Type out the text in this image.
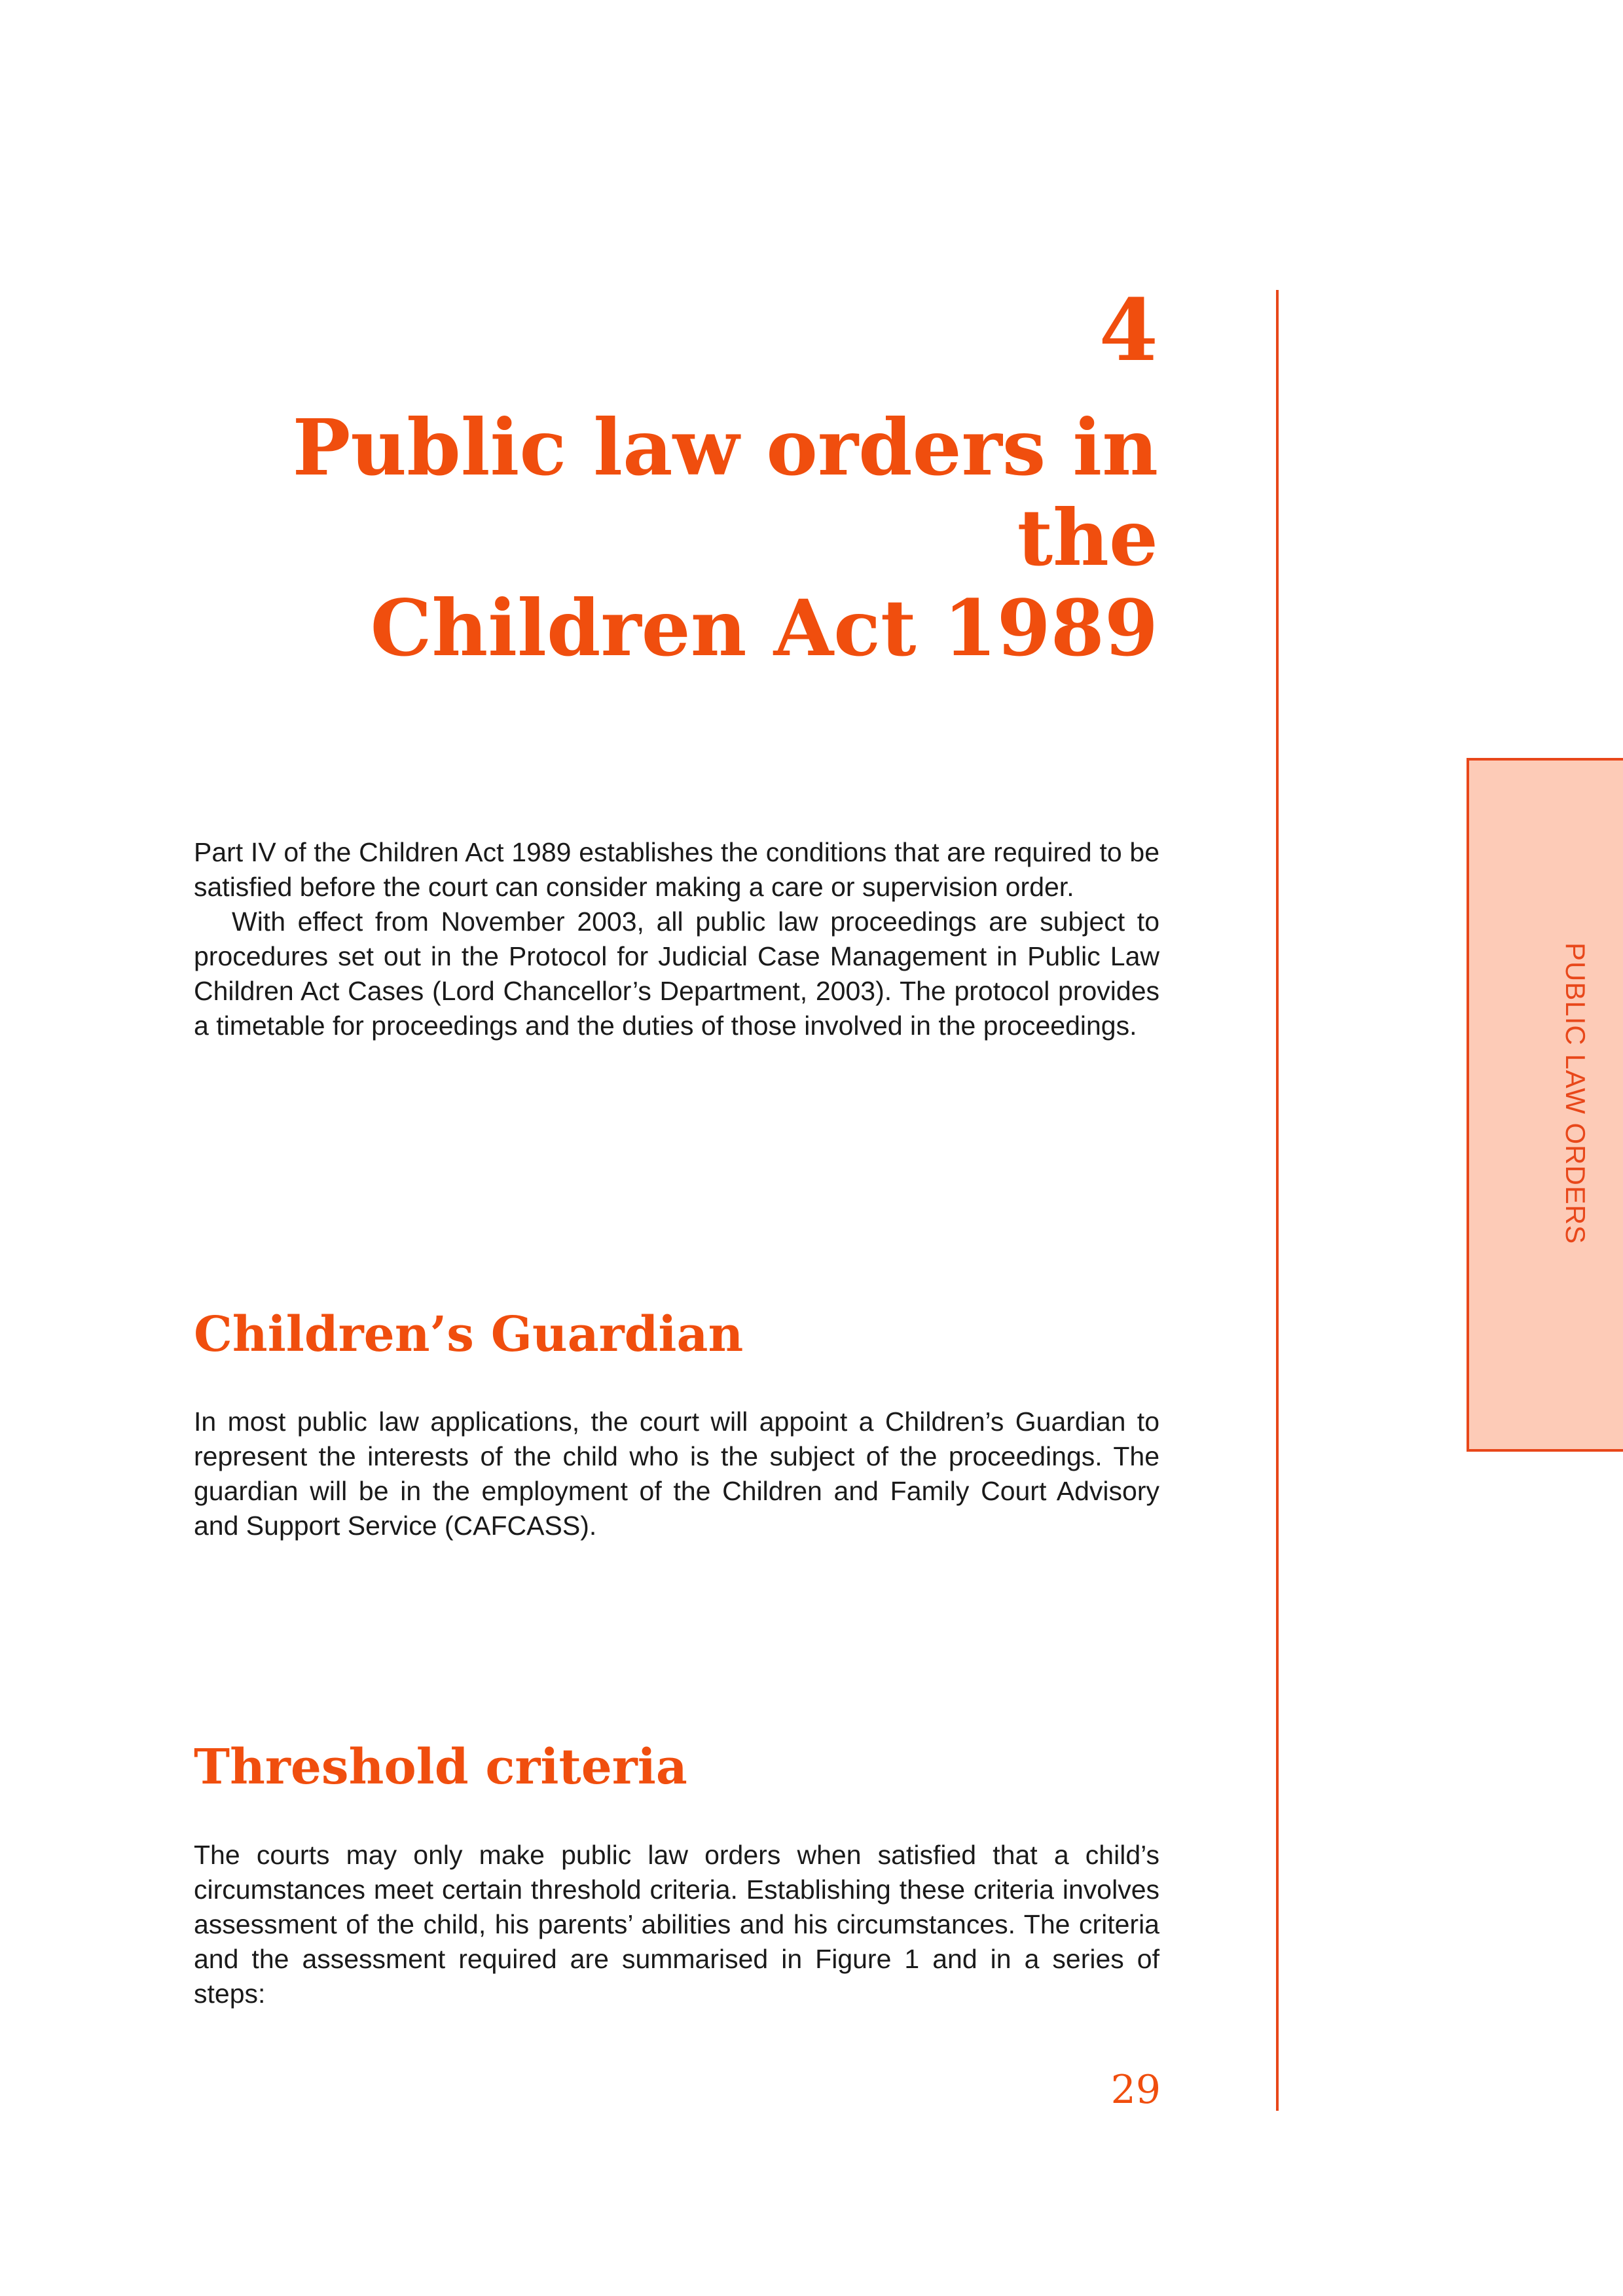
4
Public law orders in the
Children Act 1989

Part IV of the Children Act 1989 establishes the conditions that are required to be satisfied before the court can consider making a care or supervision order.

With effect from November 2003, all public law proceedings are subject to procedures set out in the Protocol for Judicial Case Management in Public Law Children Act Cases (Lord Chancellor’s Department, 2003). The protocol provides a timetable for proceedings and the duties of those involved in the proceedings.

Children’s Guardian

In most public law applications, the court will appoint a Children’s Guardian to represent the interests of the child who is the subject of the proceedings. The guardian will be in the employment of the Children and Family Court Advisory and Support Service (CAFCASS).

Threshold criteria

The courts may only make public law orders when satisfied that a child’s circumstances meet certain threshold criteria. Establishing these criteria involves assessment of the child, his parents’ abilities and his circumstances. The criteria and the assessment required are summarised in Figure 1 and in a series of steps:

29
PUBLIC LAW ORDERS
